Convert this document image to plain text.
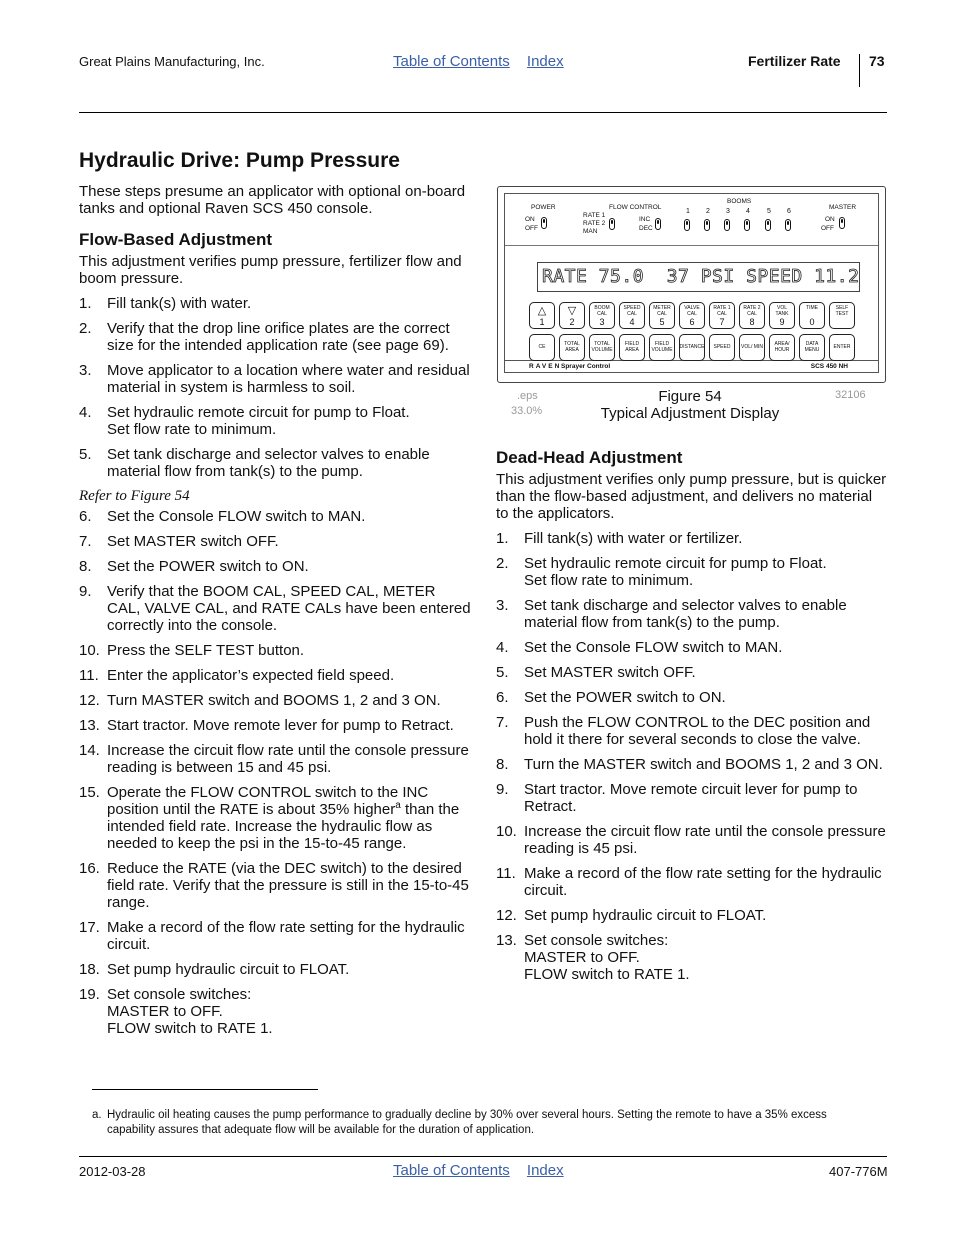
Great Plains Manufacturing, Inc.	Table of Contents Index	Fertilizer Rate 73
Hydraulic Drive: Pump Pressure

These steps presume an applicator with optional on-board tanks and optional Raven SCS 450 console.

Flow-Based Adjustment

This adjustment verifies pump pressure, fertilizer flow and boom pressure.

1. Fill tank(s) with water.
2. Verify that the drop line orifice plates are the correct size for the intended application rate (see page 69).
3. Move applicator to a location where water and residual material in system is harmless to soil.
4. Set hydraulic remote circuit for pump to Float.
Set flow rate to minimum.
5. Set tank discharge and selector valves to enable material flow from tank(s) to the pump.
Refer to Figure 54
6. Set the Console FLOW switch to MAN.
7. Set MASTER switch OFF.
8. Set the POWER switch to ON.
9. Verify that the BOOM CAL, SPEED CAL, METER CAL, VALVE CAL, and RATE CALs have been entered correctly into the console.
10. Press the SELF TEST button.
11. Enter the applicator’s expected field speed.
12. Turn MASTER switch and BOOMS 1, 2 and 3 ON.
13. Start tractor. Move remote lever for pump to Retract.
14. Increase the circuit flow rate until the console pressure reading is between 15 and 45 psi.
15. Operate the FLOW CONTROL switch to the INC position until the RATE is about 35% higher$^a$ than the intended field rate. Increase the hydraulic flow as needed to keep the psi in the 15-to-45 range.
16. Reduce the RATE (via the DEC switch) to the desired field rate. Verify that the pressure is still in the 15-to-45 range.
17. Make a record of the flow rate setting for the hydraulic circuit.
18. Set pump hydraulic circuit to FLOAT.
19. Set console switches:
MASTER to OFF.
FLOW switch to RATE 1.
POWER
ON
OFF
FLOW CONTROL
RATE 1
RATE 2
MAN
INC
DEC
BOOMS
1 2 3 4 5 6
MASTER
ON
OFF
RATE 75.0  37 PSI SPEED 11.2
RAVEN Sprayer Control	SCS 450 NH
△
1
▽
2
BOOM CAL
3
SPEED CAL
4
METER CAL
5
VALVE CAL
6
RATE 1 CAL
7
RATE 2 CAL
8
VOL TANK
9
TIME
0
SELF TEST
CE	TOTAL AREA
TOTAL VOLUME
FIELD AREA
FIELD VOLUME DISTANCE SPEED VOL/ MIN	AREA/ HOUR
DATA MENU	ENTER
.eps
33.0%
Figure 54
Typical Adjustment Display
32106
Dead-Head Adjustment

This adjustment verifies only pump pressure, but is quicker than the flow-based adjustment, and delivers no material to the applicators.

1. Fill tank(s) with water or fertilizer.
2. Set hydraulic remote circuit for pump to Float.
Set flow rate to minimum.
3. Set tank discharge and selector valves to enable material flow from tank(s) to the pump.
4. Set the Console FLOW switch to MAN.
5. Set MASTER switch OFF.
6. Set the POWER switch to ON.
7. Push the FLOW CONTROL to the DEC position and hold it there for several seconds to close the valve.
8. Turn the MASTER switch and BOOMS 1, 2 and 3 ON.
9. Start tractor. Move remote circuit lever for pump to Retract.
10. Increase the circuit flow rate until the console pressure reading is 45 psi.
11. Make a record of the flow rate setting for the hydraulic circuit.
12. Set pump hydraulic circuit to FLOAT.
13. Set console switches:
MASTER to OFF.
FLOW switch to RATE 1.
a. Hydraulic oil heating causes the pump performance to gradually decline by 30% over several hours. Setting the remote to have a 35% excess capability assures that adequate flow will be available for the duration of application.
2012-03-28	Table of Contents Index	407-776M
